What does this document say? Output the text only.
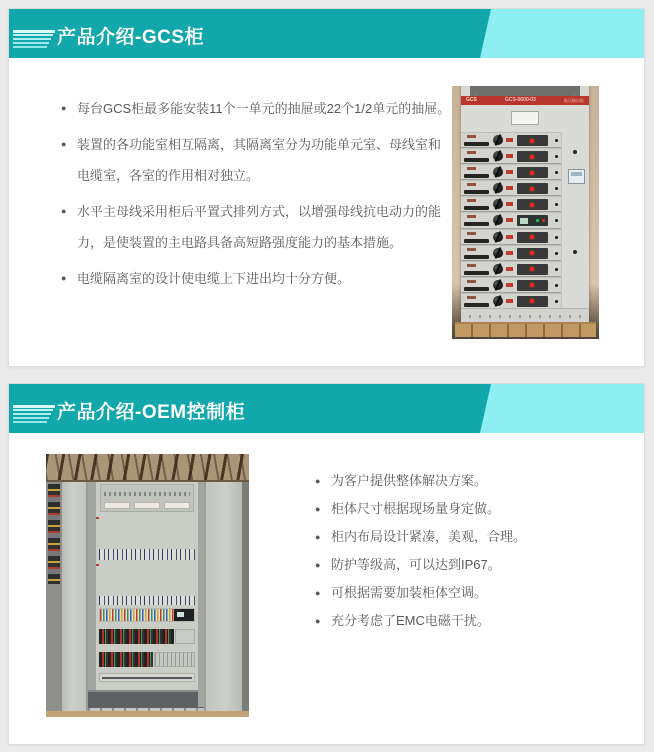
产品介绍-GCS柜
● 每台GCS柜最多能安装11个一单元的抽屉或22个1/2单元的抽屉。
● 装置的各功能室相互隔离，其隔离室分为功能单元室、母线室和电缆室，各室的作用相对独立。
● 水平主母线采用柜后平置式排列方式，以增强母线抗电动力的能力，是使装置的主电路具备高短路强度能力的基本措施。
● 电缆隔离室的设计使电缆上下进出均十分方便。
GCS	GCS-0600-03	低压抽出柜
产品介绍-OEM控制柜
● 为客户提供整体解决方案。
● 柜体尺寸根据现场量身定做。
● 柜内布局设计紧凑，美观，合理。
● 防护等级高，可以达到IP67。
● 可根据需要加装柜体空调。
● 充分考虑了EMC电磁干扰。
